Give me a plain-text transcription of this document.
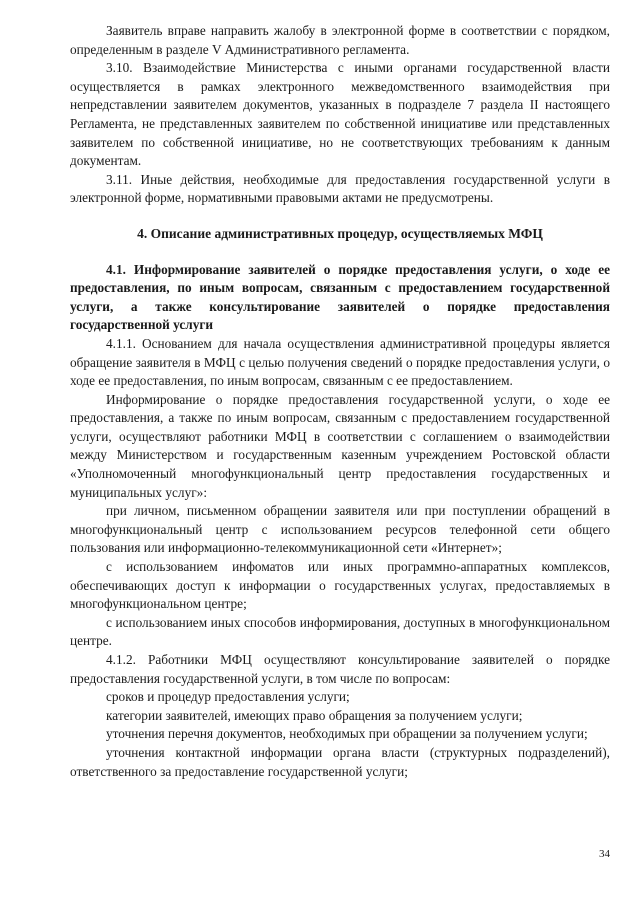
Заявитель вправе направить жалобу в электронной форме в соответствии с порядком, определенным в разделе V Административного регламента.

3.10. Взаимодействие Министерства с иными органами государственной власти осуществляется в рамках электронного межведомственного взаимодействия при непредставлении заявителем документов, указанных в подразделе 7 раздела II настоящего Регламента, не представленных заявителем по собственной инициативе или представленных заявителем по собственной инициативе, но не соответствующих требованиям к данным документам.

3.11. Иные действия, необходимые для предоставления государственной услуги в электронной форме, нормативными правовыми актами не предусмотрены.

4. Описание административных процедур, осуществляемых МФЦ

4.1. Информирование заявителей о порядке предоставления услуги, о ходе ее предоставления, по иным вопросам, связанным с предоставлением государственной услуги, а также консультирование заявителей о порядке предоставления государственной услуги

4.1.1. Основанием для начала осуществления административной процедуры является обращение заявителя в МФЦ с целью получения сведений о порядке предоставления услуги, о ходе ее предоставления, по иным вопросам, связанным с ее предоставлением.

Информирование о порядке предоставления государственной услуги, о ходе ее предоставления, а также по иным вопросам, связанным с предоставлением государственной услуги, осуществляют работники МФЦ в соответствии с соглашением о взаимодействии между Министерством и государственным казенным учреждением Ростовской области «Уполномоченный многофункциональный центр предоставления государственных и муниципальных услуг»:

при личном, письменном обращении заявителя или при поступлении обращений в многофункциональный центр с использованием ресурсов телефонной сети общего пользования или информационно-телекоммуникационной сети «Интернет»;

с использованием инфоматов или иных программно-аппаратных комплексов, обеспечивающих доступ к информации о государственных услугах, предоставляемых в многофункциональном центре;

с использованием иных способов информирования, доступных в многофункциональном центре.

4.1.2. Работники МФЦ осуществляют консультирование заявителей о порядке предоставления государственной услуги, в том числе по вопросам:

сроков и процедур предоставления услуги;

категории заявителей, имеющих право обращения за получением услуги;

уточнения перечня документов, необходимых при обращении за получением услуги;

уточнения контактной информации органа власти (структурных подразделений), ответственного за предоставление государственной услуги;

34
